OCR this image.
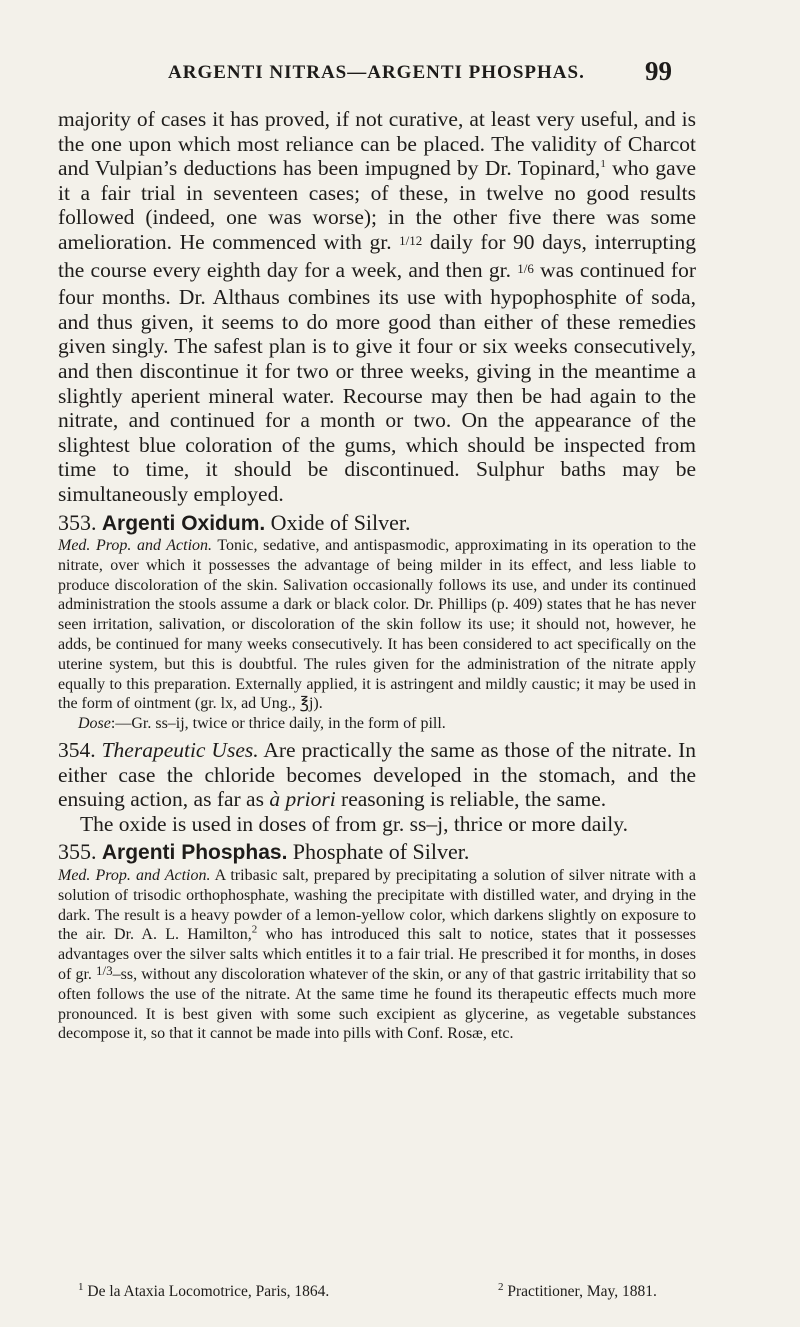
ARGENTI NITRAS—ARGENTI PHOSPHAS. 99

majority of cases it has proved, if not curative, at least very useful, and is the one upon which most reliance can be placed. The validity of Charcot and Vulpian’s deductions has been impugned by Dr. Topinard,$^1$ who gave it a fair trial in seventeen cases; of these, in twelve no good results followed (indeed, one was worse); in the other five there was some amelioration. He commenced with gr. 1/12 daily for 90 days, interrupting the course every eighth day for a week, and then gr. 1/6 was continued for four months. Dr. Althaus combines its use with hypophosphite of soda, and thus given, it seems to do more good than either of these remedies given singly. The safest plan is to give it four or six weeks consecutively, and then discontinue it for two or three weeks, giving in the meantime a slightly aperient mineral water. Recourse may then be had again to the nitrate, and continued for a month or two. On the appearance of the slightest blue coloration of the gums, which should be inspected from time to time, it should be discontinued. Sulphur baths may be simultaneously employed.

353. Argenti Oxidum. Oxide of Silver.

Med. Prop. and Action. Tonic, sedative, and antispasmodic, approximating in its operation to the nitrate, over which it possesses the advantage of being milder in its effect, and less liable to produce discoloration of the skin. Salivation occasionally follows its use, and under its continued administration the stools assume a dark or black color. Dr. Phillips (p. 409) states that he has never seen irritation, salivation, or discoloration of the skin follow its use; it should not, however, he adds, be continued for many weeks consecutively. It has been considered to act specifically on the uterine system, but this is doubtful. The rules given for the administration of the nitrate apply equally to this preparation. Externally applied, it is astringent and mildly caustic; it may be used in the form of ointment (gr. lx, ad Ung., ℥j).

Dose:—Gr. ss–ij, twice or thrice daily, in the form of pill.

354. Therapeutic Uses. Are practically the same as those of the nitrate. In either case the chloride becomes developed in the stomach, and the ensuing action, as far as à priori reasoning is reliable, the same.

The oxide is used in doses of from gr. ss–j, thrice or more daily.

355. Argenti Phosphas. Phosphate of Silver.

Med. Prop. and Action. A tribasic salt, prepared by precipitating a solution of silver nitrate with a solution of trisodic orthophosphate, washing the precipitate with distilled water, and drying in the dark. The result is a heavy powder of a lemon-yellow color, which darkens slightly on exposure to the air. Dr. A. L. Hamilton,$^2$ who has introduced this salt to notice, states that it possesses advantages over the silver salts which entitles it to a fair trial. He prescribed it for months, in doses of gr. 1/3–ss, without any discoloration whatever of the skin, or any of that gastric irritability that so often follows the use of the nitrate. At the same time he found its therapeutic effects much more pronounced. It is best given with some such excipient as glycerine, as vegetable substances decompose it, so that it cannot be made into pills with Conf. Rosæ, etc.

$^1$ De la Ataxia Locomotrice, Paris, 1864.	$^2$ Practitioner, May, 1881.
